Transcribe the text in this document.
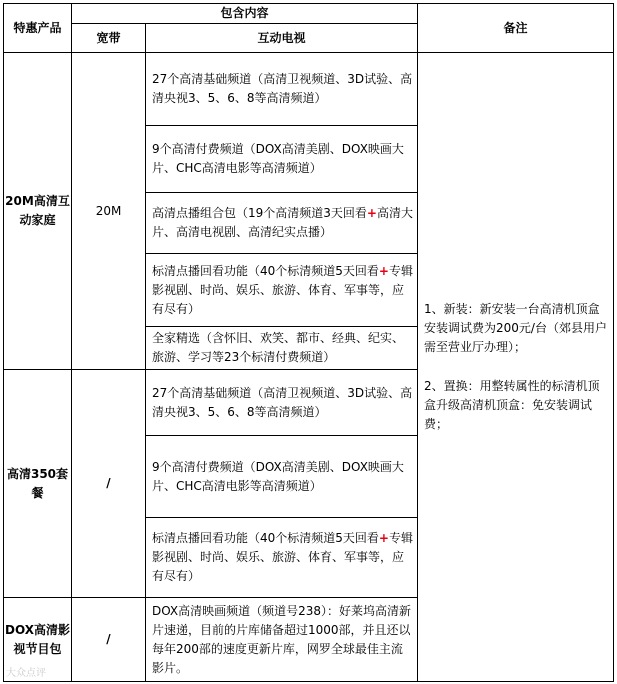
特惠产品	包含内容		备注
	宽带	互动电视	
20M高清互动家庭	20M	27个高清基础频道（高清卫视频道、3D试验、高清央视3、5、6、8等高清频道）	1、新装：新安装一台高清机顶盒安装调试费为200元/台（郊县用户需至营业厅办理）；

2、置换：用整转属性的标清机顶盒升级高清机顶盒：免安装调试费；

		9个高清付费频道（DOX高清美剧、DOX映画大片、CHC高清电影等高清频道）	
		高清点播组合包（19个高清频道3天回看+高清大片、高清电视剧、高清纪实点播）	
		标清点播回看功能（40个标清频道5天回看+专辑影视剧、时尚、娱乐、旅游、体育、军事等，应有尽有）	
		全家精选（含怀旧、欢笑、都市、经典、纪实、旅游、学习等23个标清付费频道）	
高清350套餐	/	27个高清基础频道（高清卫视频道、3D试验、高清央视3、5、6、8等高清频道）	
		9个高清付费频道（DOX高清美剧、DOX映画大片、CHC高清电影等高清频道）	
		标清点播回看功能（40个标清频道5天回看+专辑影视剧、时尚、娱乐、旅游、体育、军事等，应有尽有）	
DOX高清影视节目包	/	DOX高清映画频道（频道号238）：好莱坞高清新片速递，目前的片库储备超过1000部，并且还以每年200部的速度更新片库，网罗全球最佳主流影片。	
大众点评
